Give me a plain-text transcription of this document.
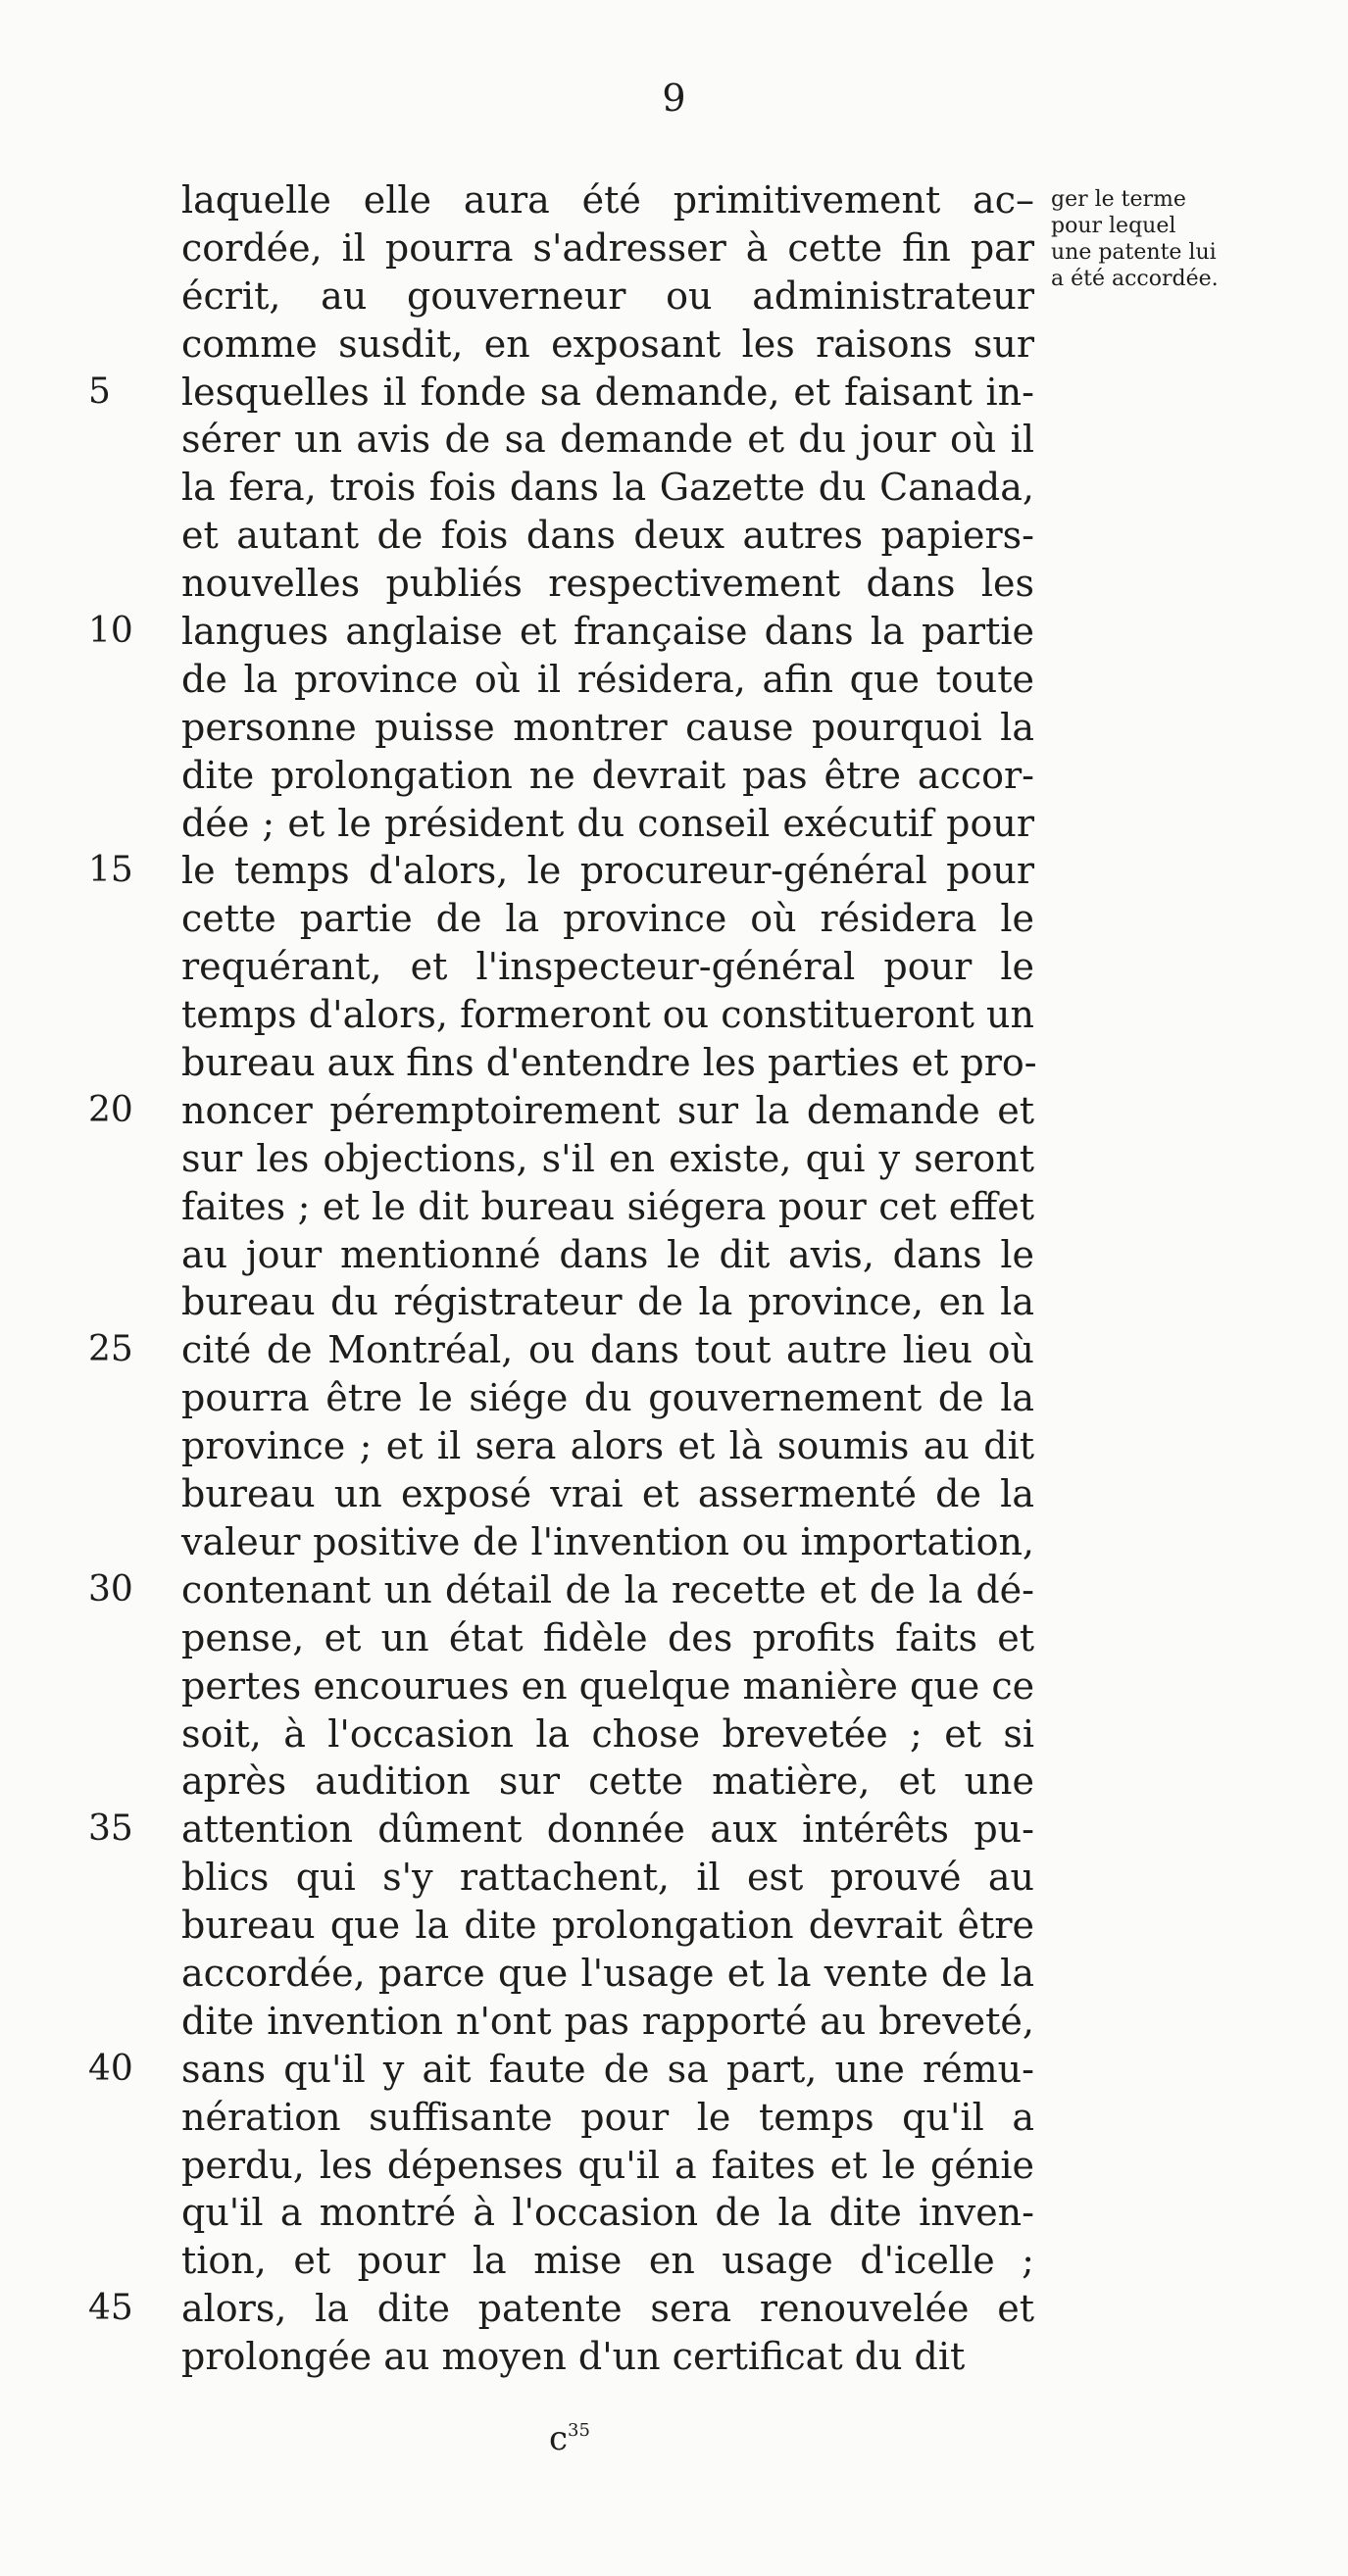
9
laquelle elle aura été primitivement ac–
cordée, il pourra s'adresser à cette fin par
écrit, au gouverneur ou administrateur
comme susdit, en exposant les raisons sur
5	lesquelles il fonde sa demande, et faisant in-
sérer un avis de sa demande et du jour où il
la fera, trois fois dans la Gazette du Canada,
et autant de fois dans deux autres papiers-
nouvelles publiés respectivement dans les
10	langues anglaise et française dans la partie
de la province où il résidera, afin que toute
personne puisse montrer cause pourquoi la
dite prolongation ne devrait pas être accor-
dée ; et le président du conseil exécutif pour
15	le temps d'alors, le procureur-général pour
cette partie de la province où résidera le
requérant, et l'inspecteur-général pour le
temps d'alors, formeront ou constitueront un
bureau aux fins d'entendre les parties et pro-
20	noncer péremptoirement sur la demande et
sur les objections, s'il en existe, qui y seront
faites ; et le dit bureau siégera pour cet effet
au jour mentionné dans le dit avis, dans le
bureau du régistrateur de la province, en la
25	cité de Montréal, ou dans tout autre lieu où
pourra être le siége du gouvernement de la
province ; et il sera alors et là soumis au dit
bureau un exposé vrai et assermenté de la
valeur positive de l'invention ou importation,
30	contenant un détail de la recette et de la dé-
pense, et un état fidèle des profits faits et
pertes encourues en quelque manière que ce
soit, à l'occasion la chose brevetée ; et si
après audition sur cette matière, et une
35	attention dûment donnée aux intérêts pu-
blics qui s'y rattachent, il est prouvé au
bureau que la dite prolongation devrait être
accordée, parce que l'usage et la vente de la
dite invention n'ont pas rapporté au breveté,
40	sans qu'il y ait faute de sa part, une rému-
nération suffisante pour le temps qu'il a
perdu, les dépenses qu'il a faites et le génie
qu'il a montré à l'occasion de la dite inven-
tion, et pour la mise en usage d'icelle ;
45	alors, la dite patente sera renouvelée et
prolongée au moyen d'un certificat du dit
ger le terme
pour lequel
une patente lui
a été accordée.
$c^{35}$
